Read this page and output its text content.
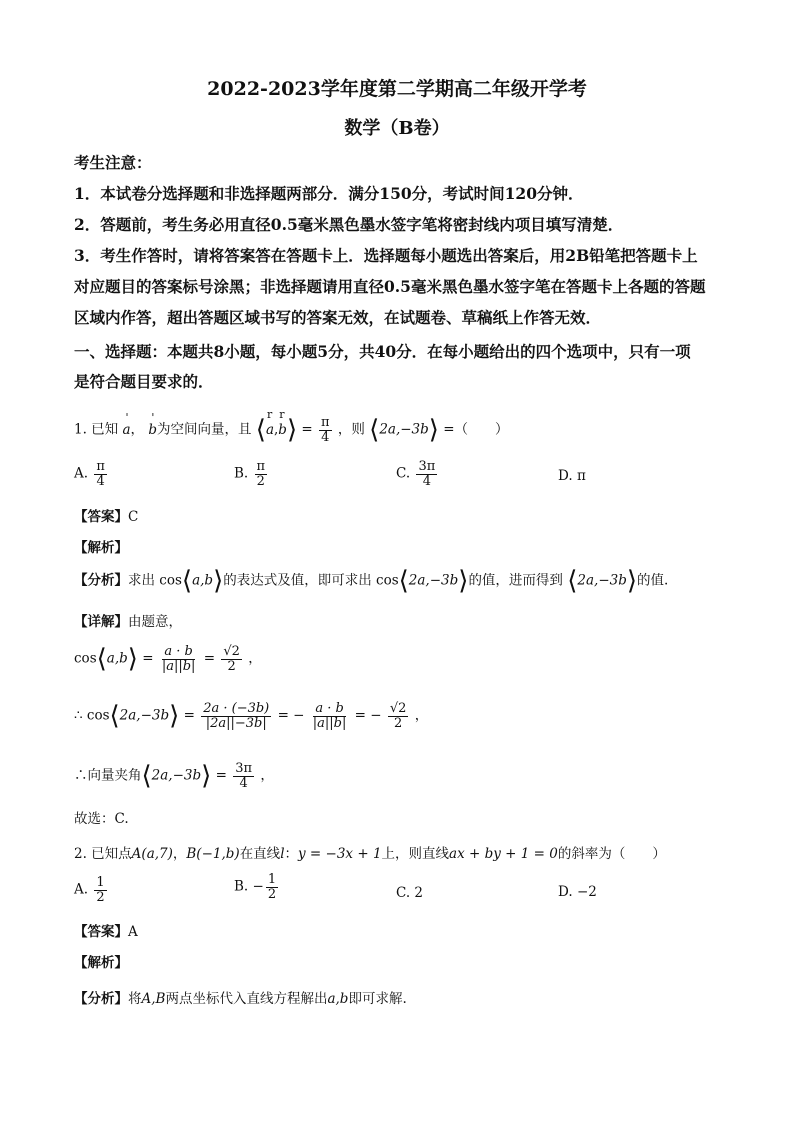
2022-2023学年度第二学期高二年级开学考
数学（B卷）
考生注意：
1．本试卷分选择题和非选择题两部分．满分150分，考试时间120分钟．
2．答题前，考生务必用直径0.5毫米黑色墨水签字笔将密封线内项目填写清楚．
3．考生作答时，请将答案答在答题卡上．选择题每小题选出答案后，用2B铅笔把答题卡上
对应题目的答案标号涂黑；非选择题请用直径0.5毫米黑色墨水签字笔在答题卡上各题的答题
区域内作答，超出答题区域书写的答案无效，在试题卷、草稿纸上作答无效．
一、选择题：本题共8小题，每小题5分，共40分．在每小题给出的四个选项中，只有一项
是符合题目要求的．
1. 已知 ' a， ' b为空间向量，且 ⟨r a,r b⟩ = $\frac{\pi}{4}$ ，则 ⟨2a,−3b⟩ =（　　）
A. $\frac{\pi}{4}$	B. $\frac{\pi}{2}$	C. $\frac{3\pi}{4}$	D. π
【答案】C
【解析】
【分析】求出 cos⟨a,b⟩的表达式及值，即可求出 cos⟨2a,−3b⟩的值，进而得到 ⟨2a,−3b⟩的值.
【详解】由题意，
cos⟨a,b⟩ = $\frac{a \cdot b}{|a||b|} = \frac{√2}{2}$ ，
∴ cos⟨2a,−3b⟩ = $\frac{2a \cdot (-3b)}{|2a||-3b|}$ = − $\frac{a \cdot b}{|a||b|}$ = − $\frac{√2}{2}$ ，
∴向量夹角⟨2a,−3b⟩ = $\frac{3\pi}{4}$ ，
故选：C.
2. 已知点A(a,7)，B(−1,b)在直线l：y = −3x + 1上，则直线ax + by + 1 = 0的斜率为（　　）
A. $\frac{1}{2}$	B. − $\frac{1}{2}$	C. 2	D. −2
【答案】A
【解析】
【分析】将A,B两点坐标代入直线方程解出a,b即可求解.
